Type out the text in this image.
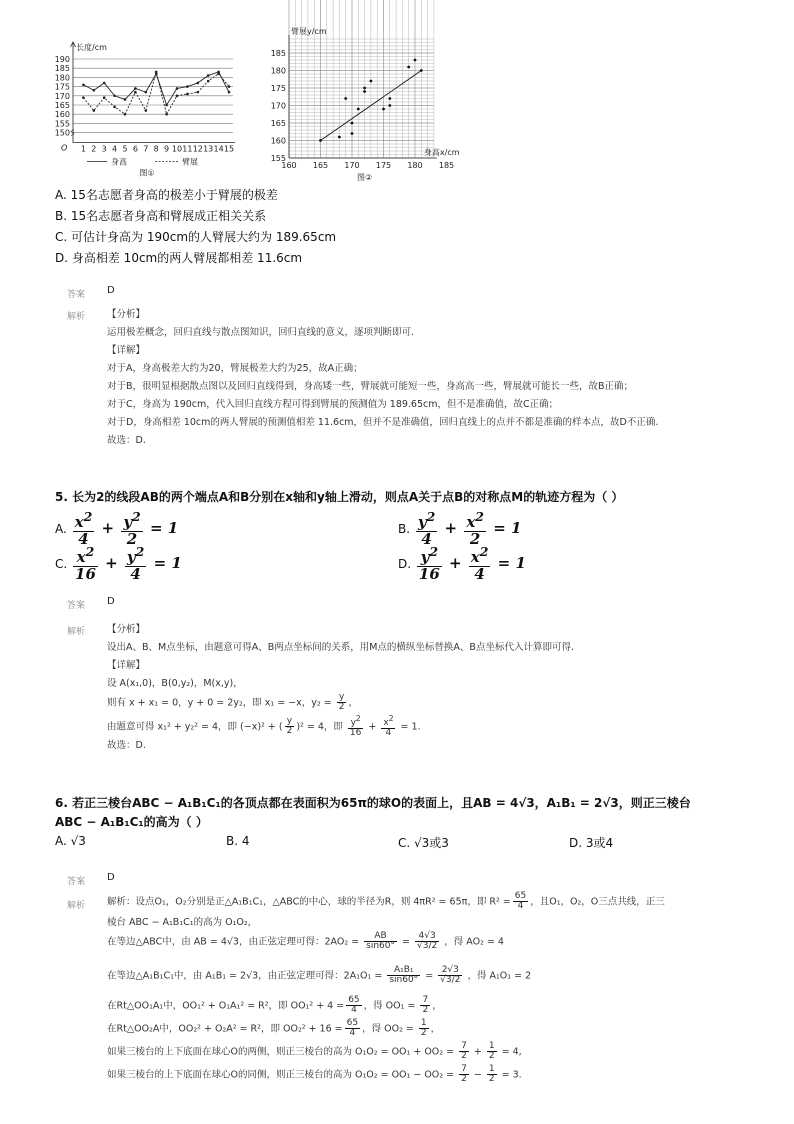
190
185
180
175
170
165
160
155
150
长度/cm
O 1 2 3 4 5 6 7 8 9 10 11 12 13 14 15
身高	臂展
图①
臂展y/cm
身高x/cm
185
180
175
170
165
160
155
160 165 170 175 180 185
图②
A. 15名志愿者身高的极差小于臂展的极差
B. 15名志愿者身高和臂展成正相关关系
C. 可估计身高为 190cm的人臂展大约为 189.65cm
D. 身高相差 10cm的两人臂展都相差 11.6cm
答案 D
解析 【分析】
运用极差概念，回归直线与散点图知识，回归直线的意义，逐项判断即可.
【详解】
对于A，身高极差大约为20，臂展极差大约为25，故A正确；
对于B，很明显根据散点图以及回归直线得到，身高矮一些，臂展就可能短一些，身高高一些，臂展就可能长一些，故B正确；
对于C，身高为 190cm，代入回归直线方程可得到臂展的预测值为 189.65cm，但不是准确值，故C正确；
对于D，身高相差 10cm的两人臂展的预测值相差 11.6cm，但并不是准确值，回归直线上的点并不都是准确的样本点，故D不正确.
故选：D.
5. 长为2的线段AB的两个端点A和B分别在x轴和y轴上滑动，则点A关于点B的对称点M的轨迹方程为（ ）
A. $\frac{x^2}{4} + \frac{y^2}{2} = 1$	B. $\frac{y^2}{4} + \frac{x^2}{2} = 1$
C. $\frac{x^2}{16} + \frac{y^2}{4} = 1$	D. $\frac{y^2}{16} + \frac{x^2}{4} = 1$
答案 D
解析 【分析】
设出A、B、M点坐标，由题意可得A、B两点坐标间的关系，用M点的横纵坐标替换A、B点坐标代入计算即可得.
【详解】
设 A(x₁,0)，B(0,y₂)，M(x,y)，
则有 x + x₁ = 0，y + 0 = 2y₂，即 x₁ = −x，$y_2 = \frac{y}{2}$ ，
由题意可得 x₁² + y₂² = 4，即 (−x)² + ( $\frac{y}{2} )^2 = 4$，即 $\frac{y^2}{16} + \frac{x^2}{4} = 1$.
故选：D.
6. 若正三棱台ABC − A₁B₁C₁的各顶点都在表面积为65π的球O的表面上，且AB = 4√3，A₁B₁ = 2√3，则正三棱台
ABC − A₁B₁C₁的高为（ ）
A. √3	B. 4	C. √3或3	D. 3或4
答案 D
解析 解析：设点O₁，O₂分别是正△A₁B₁C₁，△ABC的中心，球的半径为R，则 4πR² = 65π，即 $R^2 = \frac{65}{4}$ ，且O₁，O₂，O三点共线，正三
棱台 ABC − A₁B₁C₁的高为 O₁O₂，
在等边△ABC中，由 AB = 4√3，由正弦定理可得：$2AO_2 = \frac{AB}{\sin 60^\circ} = \frac{4√3}{√3/2}$ ，得 AO₂ = 4
在等边△A₁B₁C₁中，由 A₁B₁ = 2√3，由正弦定理可得：$2A_1O_1 = \frac{\text{A₁B₁}}{\sin 60^\circ} = \frac{2√3}{√3/2}$ ，得 A₁O₁ = 2
在Rt△OO₁A₁中，OO₁² + O₁A₁² = R²，即 $OO_1^2 + 4 = \frac{65}{4}$ ，得 $OO_1 = \frac{7}{2}$ ，
在Rt△OO₂A中，OO₂² + O₂A² = R²，即 $OO_2^2 + 16 = \frac{65}{4}$ ，得 $OO_2 = \frac{1}{2}$ ，
如果三棱台的上下底面在球心O的两侧，则正三棱台的高为 $O_1O_2 = OO_1 + OO_2 = \frac{7}{2} + \frac{1}{2} = 4$,
如果三棱台的上下底面在球心O的同侧，则正三棱台的高为 $O_1O_2 = OO_1 - OO_2 = \frac{7}{2} - \frac{1}{2} = 3$.
